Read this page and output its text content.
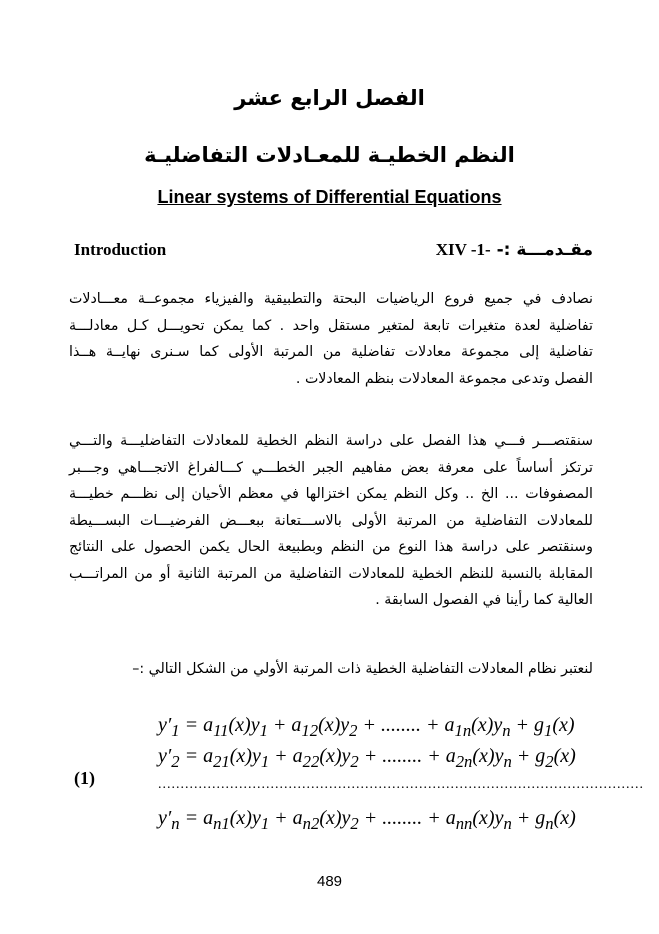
الفصل الرابع عشر
النظم الخطيـة للمعـادلات التفاضليـة
Linear systems of Differential Equations
Introduction	مقـدمـــة :- XIV -1-
نصادف في جميع فروع الرياضيات البحتة والتطبيقية والفيزياء مجموعــة معـــادلات
تفاضلية لعدة متغيرات تابعة لمتغير مستقل واحد . كما يمكن تحويـــل كـل معادلـــة
تفاضلية إلى مجموعة معادلات تفاضلية من المرتبة الأولى كما سـنرى نهايــة هــذا
الفصل وتدعى مجموعة المعادلات بنظم المعادلات .
سنقتصـــر فـــي هذا الفصل على دراسة النظم الخطية للمعادلات التفاضليـــة والتـــي
ترتكز أساساً على معرفة بعض مفاهيم الجبر الخطـــي كـــالفراغ الاتجـــاهي وجـــبر
المصفوفات ... الخ .. وكل النظم يمكن اختزالها في معظم الأحيان إلى نظـــم خطيـــة
للمعادلات التفاضلية من المرتبة الأولى بالاســـتعانة ببعـــض الفرضيـــات البســـيطة
وسنقتصر على دراسة هذا النوع من النظم وبطبيعة الحال يكمن الحصول على النتائج
المقابلة بالنسبة للنظم الخطية للمعادلات التفاضلية من المرتبة الثانية أو من المراتـــب
العالية كما رأينا في الفصول السابقة .
لنعتبر نظام المعادلات التفاضلية الخطية ذات المرتبة الأولي من الشكل التالي :–
$y'_1 = a_{11}(x)y_1 + a_{12}(x)y_2$ + ........ + $a_{1n}(x)y_n + g_1(x)$
$y'_2 = a_{21}(x)y_1 + a_{22}(x)y_2$ + ........ + $a_{2n}(x)y_n + g_2(x)$
............................................................................................................
$y'_n = a_{n1}(x)y_1 + a_{n2}(x)y_2$ + ........ + $a_{nn}(x)y_n + g_n(x)$
(1)
489
